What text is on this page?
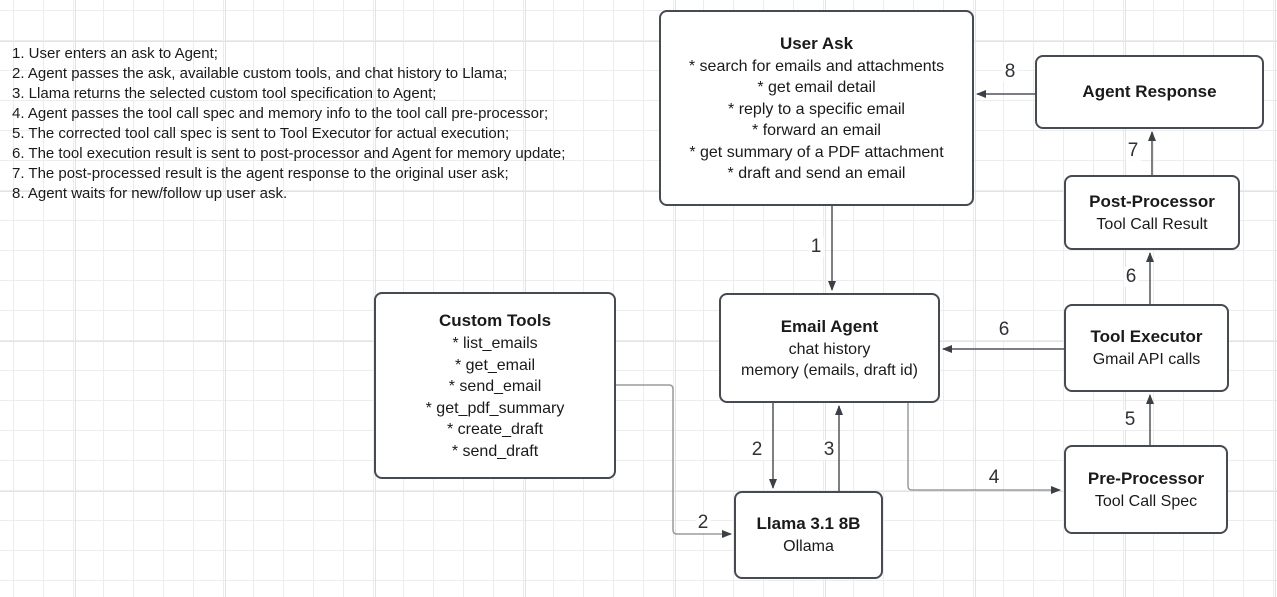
1. User enters an ask to Agent;
2. Agent passes the ask, available custom tools, and chat history to Llama;
3. Llama returns the selected custom tool specification to Agent;
4. Agent passes the tool call spec and memory info to the tool call pre-processor;
5. The corrected tool call spec is sent to Tool Executor for actual execution;
6. The tool execution result is sent to post-processor and Agent for memory update;
7. The post-processed result is the agent response to the original user ask;
8. Agent waits for new/follow up user ask.
1
2
2
3
4
5
6
6
7
8
User Ask
* search for emails and attachments
* get email detail
* reply to a specific email
* forward an email
* get summary of a PDF attachment
* draft and send an email
Agent Response
Post-Processor
Tool Call Result
Tool Executor
Gmail API calls
Pre-Processor
Tool Call Spec
Email Agent
chat history
memory (emails, draft id)
Custom Tools
* list_emails
* get_email
* send_email
* get_pdf_summary
* create_draft
* send_draft
Llama 3.1 8B
Ollama
